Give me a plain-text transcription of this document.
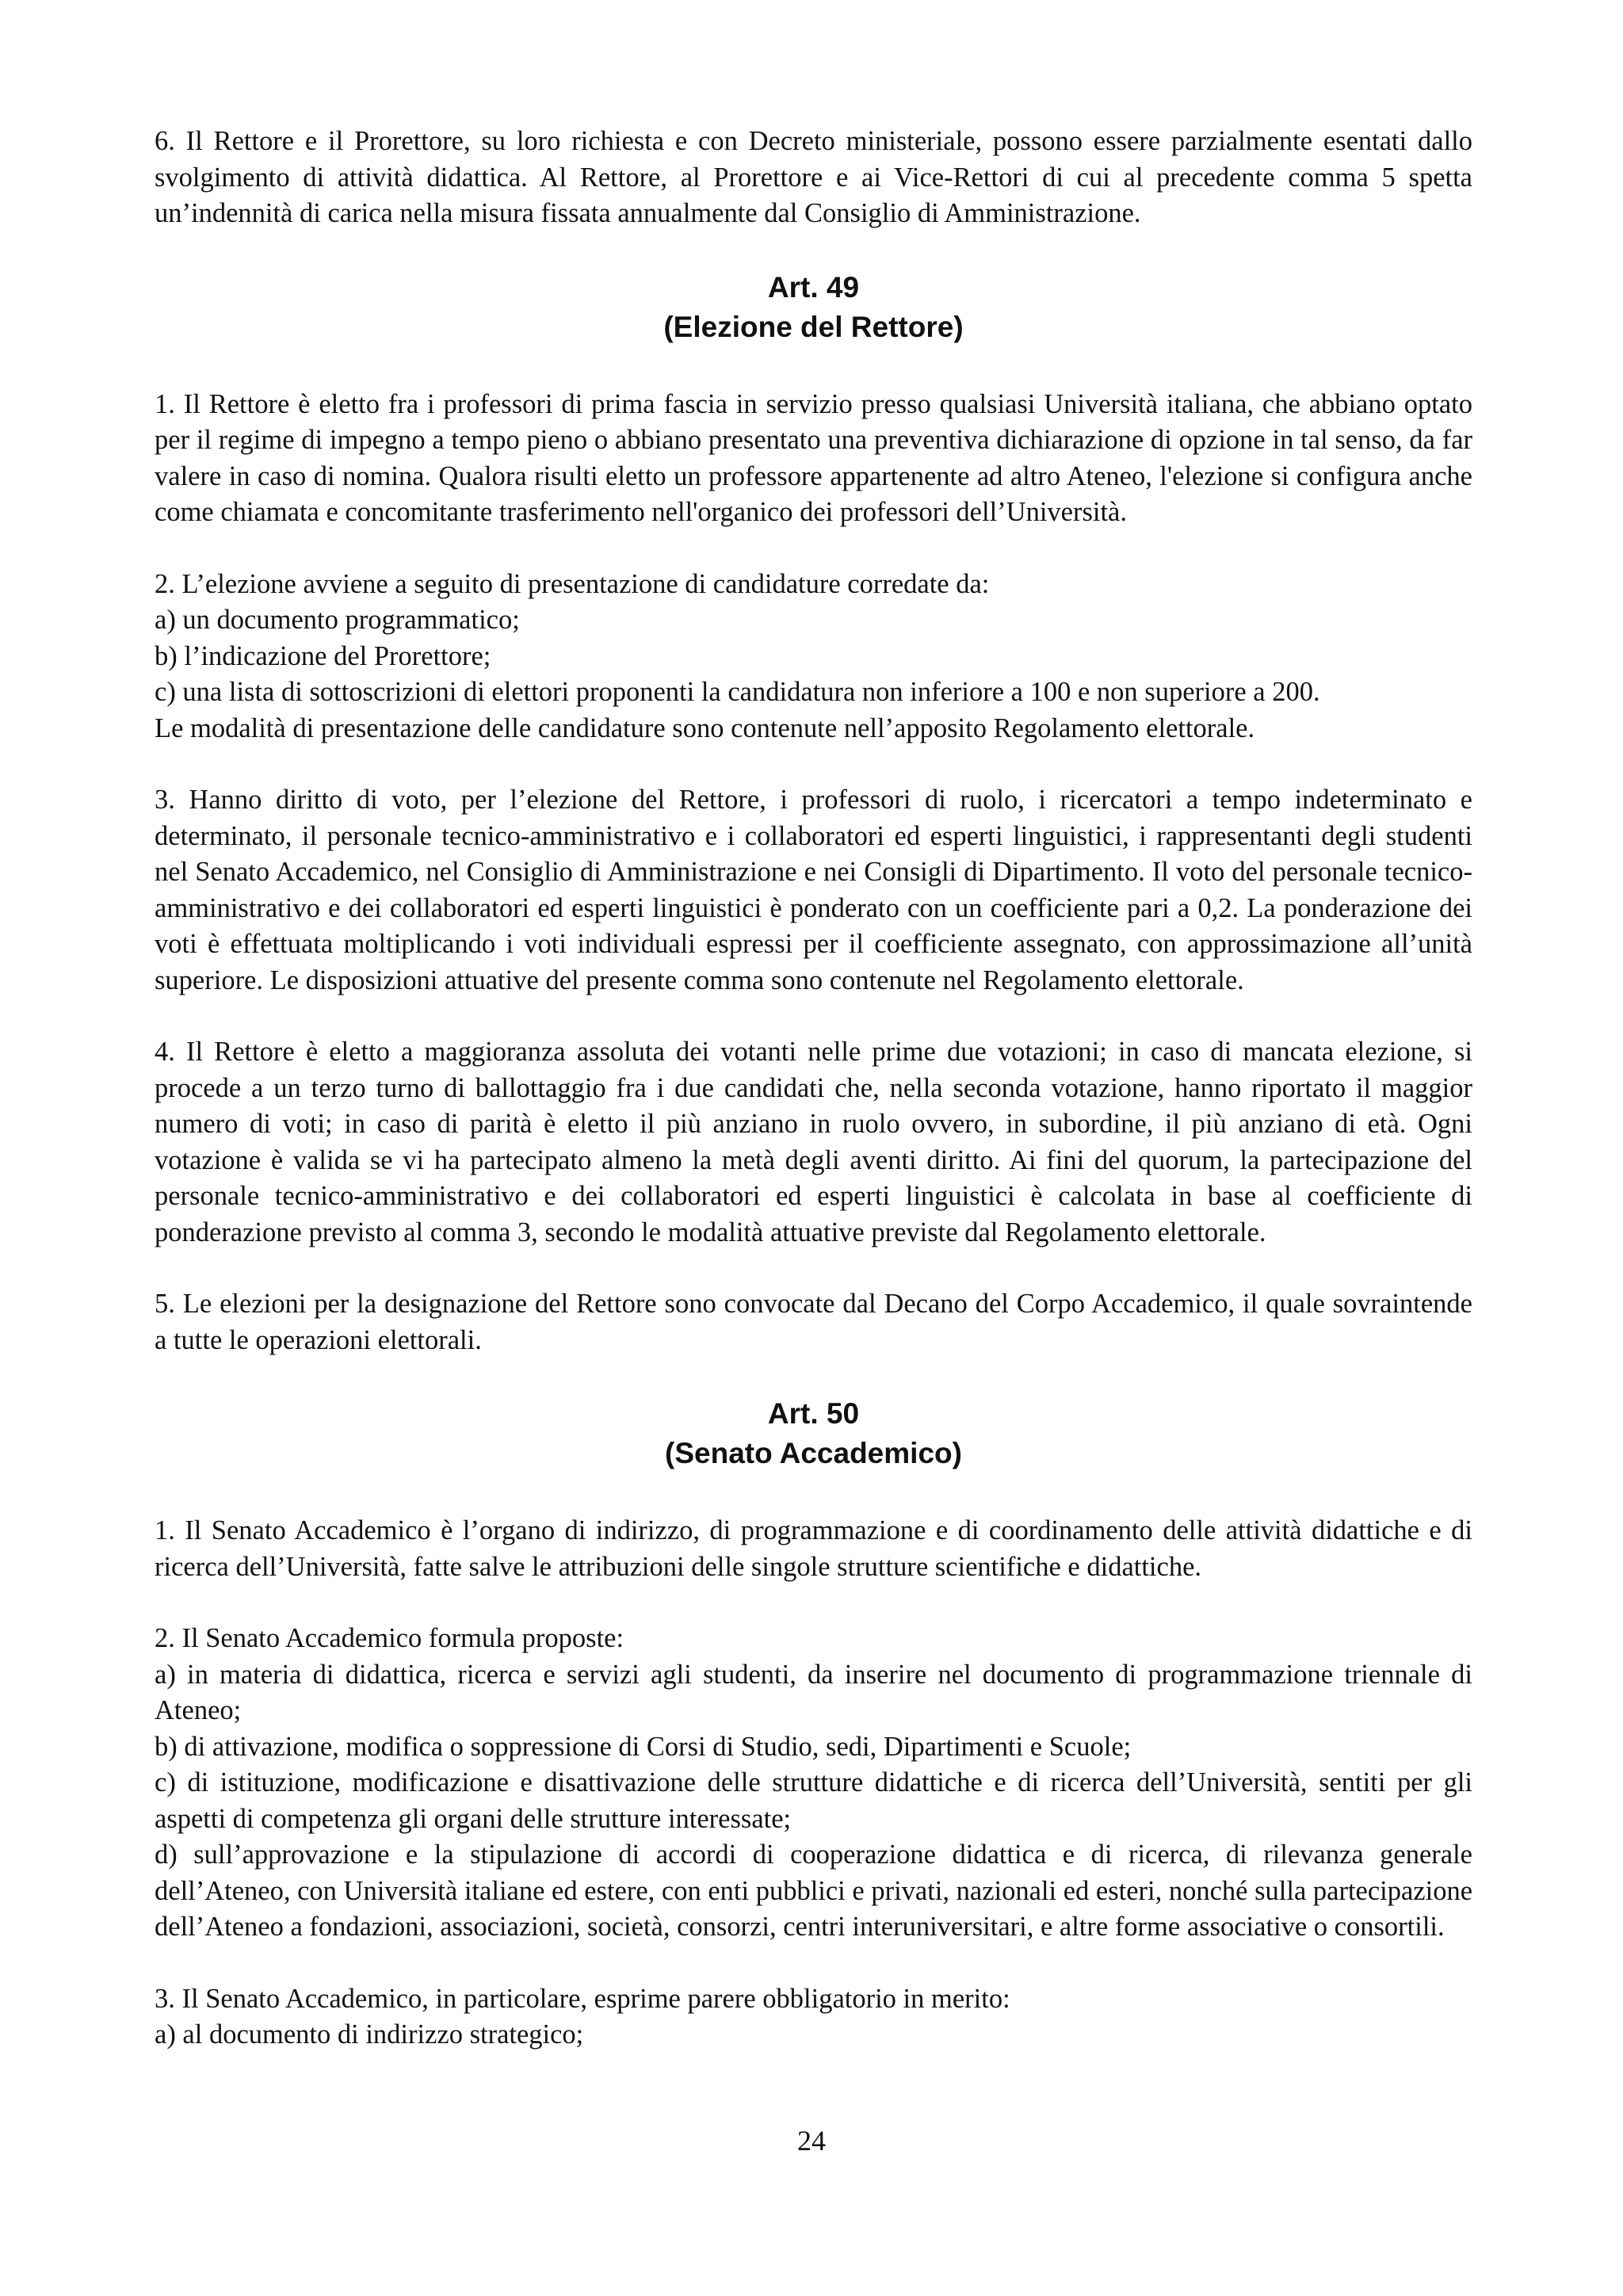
6. Il Rettore e il Prorettore, su loro richiesta e con Decreto ministeriale, possono essere parzialmente esentati dallo svolgimento di attività didattica. Al Rettore, al Prorettore e ai Vice-Rettori di cui al precedente comma 5 spetta un’indennità di carica nella misura fissata annualmente dal Consiglio di Amministrazione.

Art. 49
(Elezione del Rettore)

1. Il Rettore è eletto fra i professori di prima fascia in servizio presso qualsiasi Università italiana, che abbiano optato per il regime di impegno a tempo pieno o abbiano presentato una preventiva dichiarazione di opzione in tal senso, da far valere in caso di nomina. Qualora risulti eletto un professore appartenente ad altro Ateneo, l'elezione si configura anche come chiamata e concomitante trasferimento nell'organico dei professori dell’Università.

2. L’elezione avviene a seguito di presentazione di candidature corredate da:
a) un documento programmatico;
b) l’indicazione del Prorettore;
c) una lista di sottoscrizioni di elettori proponenti la candidatura non inferiore a 100 e non superiore a 200.
Le modalità di presentazione delle candidature sono contenute nell’apposito Regolamento elettorale.

3. Hanno diritto di voto, per l’elezione del Rettore, i professori di ruolo, i ricercatori a tempo indeterminato e determinato, il personale tecnico-amministrativo e i collaboratori ed esperti linguistici, i rappresentanti degli studenti nel Senato Accademico, nel Consiglio di Amministrazione e nei Consigli di Dipartimento. Il voto del personale tecnico-amministrativo e dei collaboratori ed esperti linguistici è ponderato con un coefficiente pari a 0,2. La ponderazione dei voti è effettuata moltiplicando i voti individuali espressi per il coefficiente assegnato, con approssimazione all’unità superiore. Le disposizioni attuative del presente comma sono contenute nel Regolamento elettorale.

4. Il Rettore è eletto a maggioranza assoluta dei votanti nelle prime due votazioni; in caso di mancata elezione, si procede a un terzo turno di ballottaggio fra i due candidati che, nella seconda votazione, hanno riportato il maggior numero di voti; in caso di parità è eletto il più anziano in ruolo ovvero, in subordine, il più anziano di età. Ogni votazione è valida se vi ha partecipato almeno la metà degli aventi diritto. Ai fini del quorum, la partecipazione del personale tecnico-amministrativo e dei collaboratori ed esperti linguistici è calcolata in base al coefficiente di ponderazione previsto al comma 3, secondo le modalità attuative previste dal Regolamento elettorale.

5. Le elezioni per la designazione del Rettore sono convocate dal Decano del Corpo Accademico, il quale sovraintende a tutte le operazioni elettorali.

Art. 50
(Senato Accademico)

1. Il Senato Accademico è l’organo di indirizzo, di programmazione e di coordinamento delle attività didattiche e di ricerca dell’Università, fatte salve le attribuzioni delle singole strutture scientifiche e didattiche.

2. Il Senato Accademico formula proposte:
a) in materia di didattica, ricerca e servizi agli studenti, da inserire nel documento di programmazione triennale di Ateneo;
b) di attivazione, modifica o soppressione di Corsi di Studio, sedi, Dipartimenti e Scuole;
c) di istituzione, modificazione e disattivazione delle strutture didattiche e di ricerca dell’Università, sentiti per gli aspetti di competenza gli organi delle strutture interessate;
d) sull’approvazione e la stipulazione di accordi di cooperazione didattica e di ricerca, di rilevanza generale dell’Ateneo, con Università italiane ed estere, con enti pubblici e privati, nazionali ed esteri, nonché sulla partecipazione dell’Ateneo a fondazioni, associazioni, società, consorzi, centri interuniversitari, e altre forme associative o consortili.
3. Il Senato Accademico, in particolare, esprime parere obbligatorio in merito:
a) al documento di indirizzo strategico;
24
